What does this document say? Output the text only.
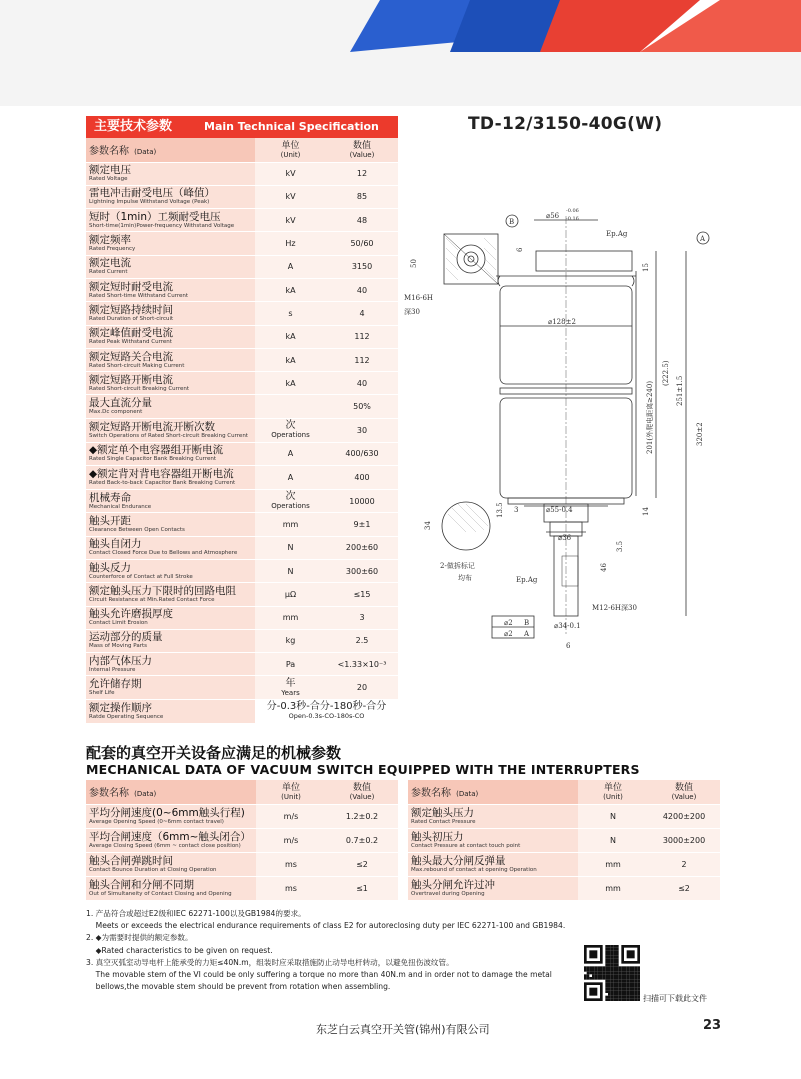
TD-12/3150-40G(W)
主要技术参数	Main Technical Specification
参数名称 (Data)	单位
(Unit)	数值
(Value)

额定电压
Rated Voltage	kV	12

雷电冲击耐受电压（峰值）
Lightning Impulse Withstand Voltage (Peak)	kV	85

短时（1min）工频耐受电压
Short-time(1min)Power-frequency Withstand Voltage	kV	48

额定频率
Rated Frequency	Hz	50/60

额定电流
Rated Current	A	3150

额定短时耐受电流
Rated Short-time Withstand Current	kA	40

额定短路持续时间
Rated Duration of Short-circuit	s	4

额定峰值耐受电流
Rated Peak Withstand Current	kA	112

额定短路关合电流
Rated Short-circuit Making Current	kA	112

额定短路开断电流
Rated Short-circuit Breaking Current	kA	40

最大直流分量
Max.Dc component		50%

额定短路开断电流开断次数
Switch Operations of Rated Short-circuit Breaking Current	次
Operations	30

◆额定单个电容器组开断电流
Rated Single Capacitor Bank Breaking Current	A	400/630

◆额定背对背电容器组开断电流
Rated Back-to-back Capacitor Bank Breaking Current	A	400

机械寿命
Mechanical Endurance	次
Operations	10000

触头开距
Clearance Between Open Contacts	mm	9±1

触头自闭力
Contact Closed Force Due to Bellows and Atmosphere	N	200±60

触头反力
Counterforce of Contact at Full Stroke	N	300±60

额定触头压力下限时的回路电阻
Circuit Resistance at Min.Rated Contact Force	μΩ	≤15

触头允许磨损厚度
Contact Limit Erosion	mm	3

运动部分的质量
Mass of Moving Parts	kg	2.5

内部气体压力
Internal Pressure	Pa	<1.33×10⁻³

允许储存期
Shelf Life	年
Years	20

额定操作顺序
Ratde Operating Sequence	分-0.3秒-合分-180秒-合分
Open-0.3s-CO-180s-CO	
B
A
⌀56
-0.06
-0.16
Ep.Ag
50
6
15
M16-6H
深30
⌀128±2
201(外爬电距离≥240)
(222.5)
251±1.5
320±2
13.5 3	14
⌀55-0.4
⌀36
34
3.5
2-做拆标记
均布
46
Ep.Ag
M12-6H深30
⌀2 B
⌀2 A
⌀34-0.1
6
配套的真空开关设备应满足的机械参数
MECHANICAL DATA OF VACUUM SWITCH EQUIPPED WITH THE INTERRUPTERS
参数名称 (Data)	单位
(Unit)	数值
(Value)

平均分闸速度(0~6mm触头行程)
Average Opening Speed (0~6mm contact travel)	m/s	1.2±0.2

平均合闸速度（6mm~触头闭合）
Average Closing Speed (6mm ~ contact close position)	m/s	0.7±0.2

触头合闸弹跳时间
Contact Bounce Duration at Closing Operation	ms	≤2

触头合闸和分闸不同期
Out of Simultaneity of Contact Closing and Opening	ms	≤1
参数名称 (Data)	单位
(Unit)	数值
(Value)

额定触头压力
Rated Contact Pressure	N	4200±200

触头初压力
Contact Pressure at contact touch point	N	3000±200

触头最大分闸反弹量
Max.rebound of contact at opening Operation	mm	2

触头分闸允许过冲
Overtravel during Opening	mm	≤2
1. 产品符合或超过E2级和IEC 62271-100以及GB1984的要求。
Meets or exceeds the electrical endurance requirements of class E2 for autoreclosing duty per IEC 62271-100 and GB1984.
2. ◆为需要时提供的额定参数。
◆Rated characteristics to be given on request.
3. 真空灭弧室动导电杆上能承受的力矩≤40N.m，组装时应采取措施防止动导电杆转动，以避免扭伤波纹管。
The movable stem of the VI could be only suffering a torque no more than 40N.m and in order not to damage the metal
bellows,the movable stem should be prevent from rotation when assembling.
扫描可下载此文件
东芝白云真空开关管(锦州)有限公司	23
